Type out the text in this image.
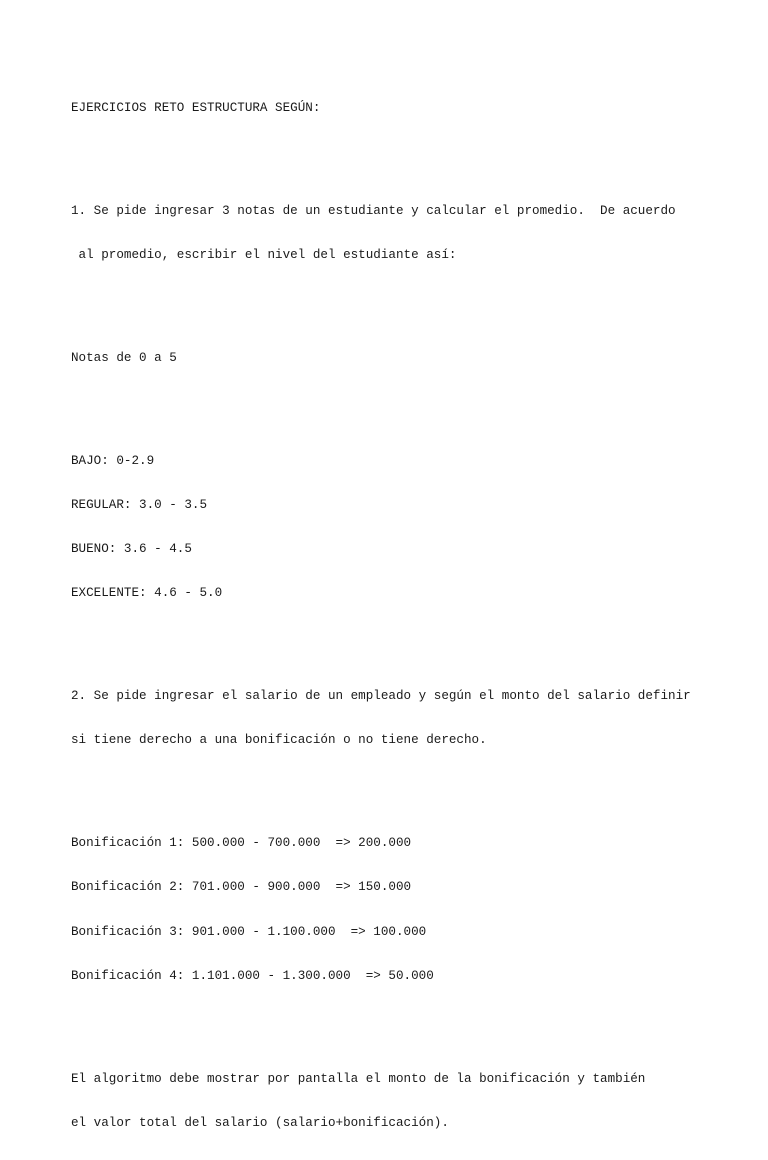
EJERCICIOS RETO ESTRUCTURA SEGÚN:

1. Se pide ingresar 3 notas de un estudiante y calcular el promedio.  De acuerdo

al promedio, escribir el nivel del estudiante así:

Notas de 0 a 5

BAJO: 0-2.9

REGULAR: 3.0 - 3.5

BUENO: 3.6 - 4.5

EXCELENTE: 4.6 - 5.0

2. Se pide ingresar el salario de un empleado y según el monto del salario definir

si tiene derecho a una bonificación o no tiene derecho.

Bonificación 1: 500.000 - 700.000  => 200.000

Bonificación 2: 701.000 - 900.000  => 150.000

Bonificación 3: 901.000 - 1.100.000  => 100.000

Bonificación 4: 1.101.000 - 1.300.000  => 50.000

El algoritmo debe mostrar por pantalla el monto de la bonificación y también

el valor total del salario (salario+bonificación).
